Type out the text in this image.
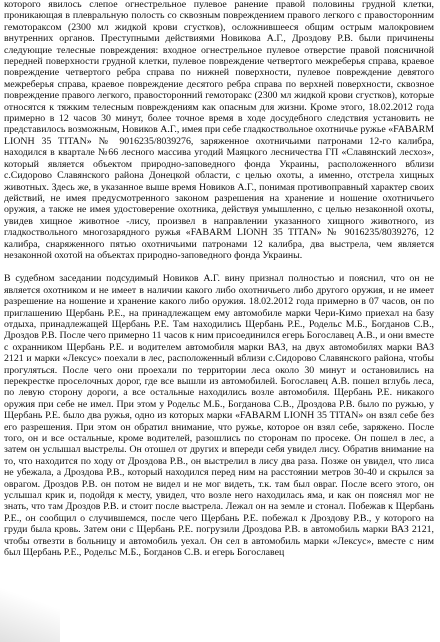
которого явилось слепое огнестрельное пулевое ранение правой половины грудной клетки, проникающая в плевральную полость со сквозным повреждением правого легкого с правосторонним гемотораксом (2300 мл жидкой крови сгустков), осложнившееся общим острым малокровием внутренних органов. Преступными действиями Новикова А.Г., Дроздову Р.В. были причинены следующие телесные повреждения: входное огнестрельное пулевое отверстие правой поясничной передней поверхности грудной клетки, пулевое повреждение четвертого межреберья справа, краевое повреждение четвертого ребра справа по нижней поверхности, пулевое повреждение девятого межреберья справа, краевое повреждение десятого ребра справа по верхней поверхности, сквозное повреждение правого легкого, правосторонний гемоторакс (2300 мл жидкой крови сгустков), которые относятся к тяжким телесным повреждениям как опасным для жизни. Кроме этого, 18.02.2012 года примерно в 12 часов 30 минут, более точное время в ходе досудебного следствия установить не представилось возможным, Новиков А.Г., имея при себе гладкоствольное охотничье ружье «FABARM LIONH 35 TITAN» № 9016235/8039276, заряженное охотничьими патронами 12-го калибра, находился в квартале №66 лесного массива угодий Маяцкого лесничества ГП «Славянский лесхоз», который является объектом природно-заповедного фонда Украины, расположенного вблизи с.Сидорово Славянского района Донецкой области, с целью охоты, а именно, отстрела хищных животных. Здесь же, в указанное выше время Новиков А.Г., понимая противоправный характер своих действий, не имея предусмотренного законом разрешения на хранение и ношение охотничьего оружия, а также не имея удостоверение охотника, действуя умышленно, с целью незаконной охоты, увидев хищное животное -лису, произвел в направлении указанного хищного животного, из гладкоствольного многозарядного ружья «FABARM LIONH 35 TITAN» № 9016235/8039276, 12 калибра, снаряженного пятью охотничьими патронами 12 калибра, два выстрела, чем является незаконной охотой на объектах природно-заповедного фонда Украины.

В судебном заседании подсудимый Новиков А.Г. вину признал полностью и пояснил, что он не является охотником и не имеет в наличии какого либо охотничьего либо другого оружия, и не имеет разрешение на ношение и хранение какого либо оружия. 18.02.2012 года примерно в 07 часов, он по приглашению Щербань Р.Е., на принадлежащем ему автомобиле марки Чери-Кимо приехал на базу отдыха, принадлежащей Щербань Р.Е. Там находились Щербань Р.Е., Родельс М.Б., Богданов С.В., Дроздов Р.В. После чего примерно 11 часов к ним присоединился егерь Богославец А.В., и они вместе с охранником Щербань Р.Е. и водителем автомобиля марки ВАЗ, на двух автомобилях марки ВАЗ 2121 и марки «Лексус» поехали в лес, расположенный вблизи с.Сидорово Славянского района, чтобы прогуляться. После чего они проехали по территории леса около 30 минут и остановились на перекрестке проселочных дорог, где все вышли из автомобилей. Богославец А.В. пошел вглубь леса, по левую сторону дороги, а все остальные находились возле автомобиля. Щербань Р.Е. никакого оружия при себе не имел. При этом у Родельс М.Б., Богданова С.В., Дроздова Р.В. было по ружью, у Щербань Р.Е. было два ружья, одно из которых марки «FABARM LIONH 35 TITAN» он взял себе без его разрешения. При этом он обратил внимание, что ружье, которое он взял себе, заряжено. После того, он и все остальные, кроме водителей, разошлись по сторонам по просеке. Он пошел в лес, а затем он услышал выстрелы. Он отошел от других и впереди себя увидел лису. Обратив внимание на то, что находится по ходу от Дроздова Р.В., он выстрелил в лису два раза. Позже он увидел, что лиса не убежала, а Дроздова Р.В., который находился перед ним на расстоянии метров 30-40 и скрылся за оврагом. Дроздов Р.В. он потом не видел и не мог видеть, т.к. там был овраг. После всего этого, он услышал крик и, подойдя к месту, увидел, что возле него находилась яма, и как он пояснял мог не знать, что там Дроздов Р.В. и стоит после выстрела. Лежал он на земле и стонал. Побежав к Щербань Р.Е., он сообщил о случившемся, после чего Щербань Р.Е. побежал к Дроздову Р.В., у которого на груди была кровь. Затем они с Щербань Р.Е. погрузили Дроздова Р.В. в автомобиль марки ВАЗ 2121, чтобы отвезти в больницу и автомобиль уехал. Он сел в автомобиль марки «Лексус», вместе с ним был Щербань Р.Е., Родельс М.Б., Богданов С.В. и егерь Богославец
